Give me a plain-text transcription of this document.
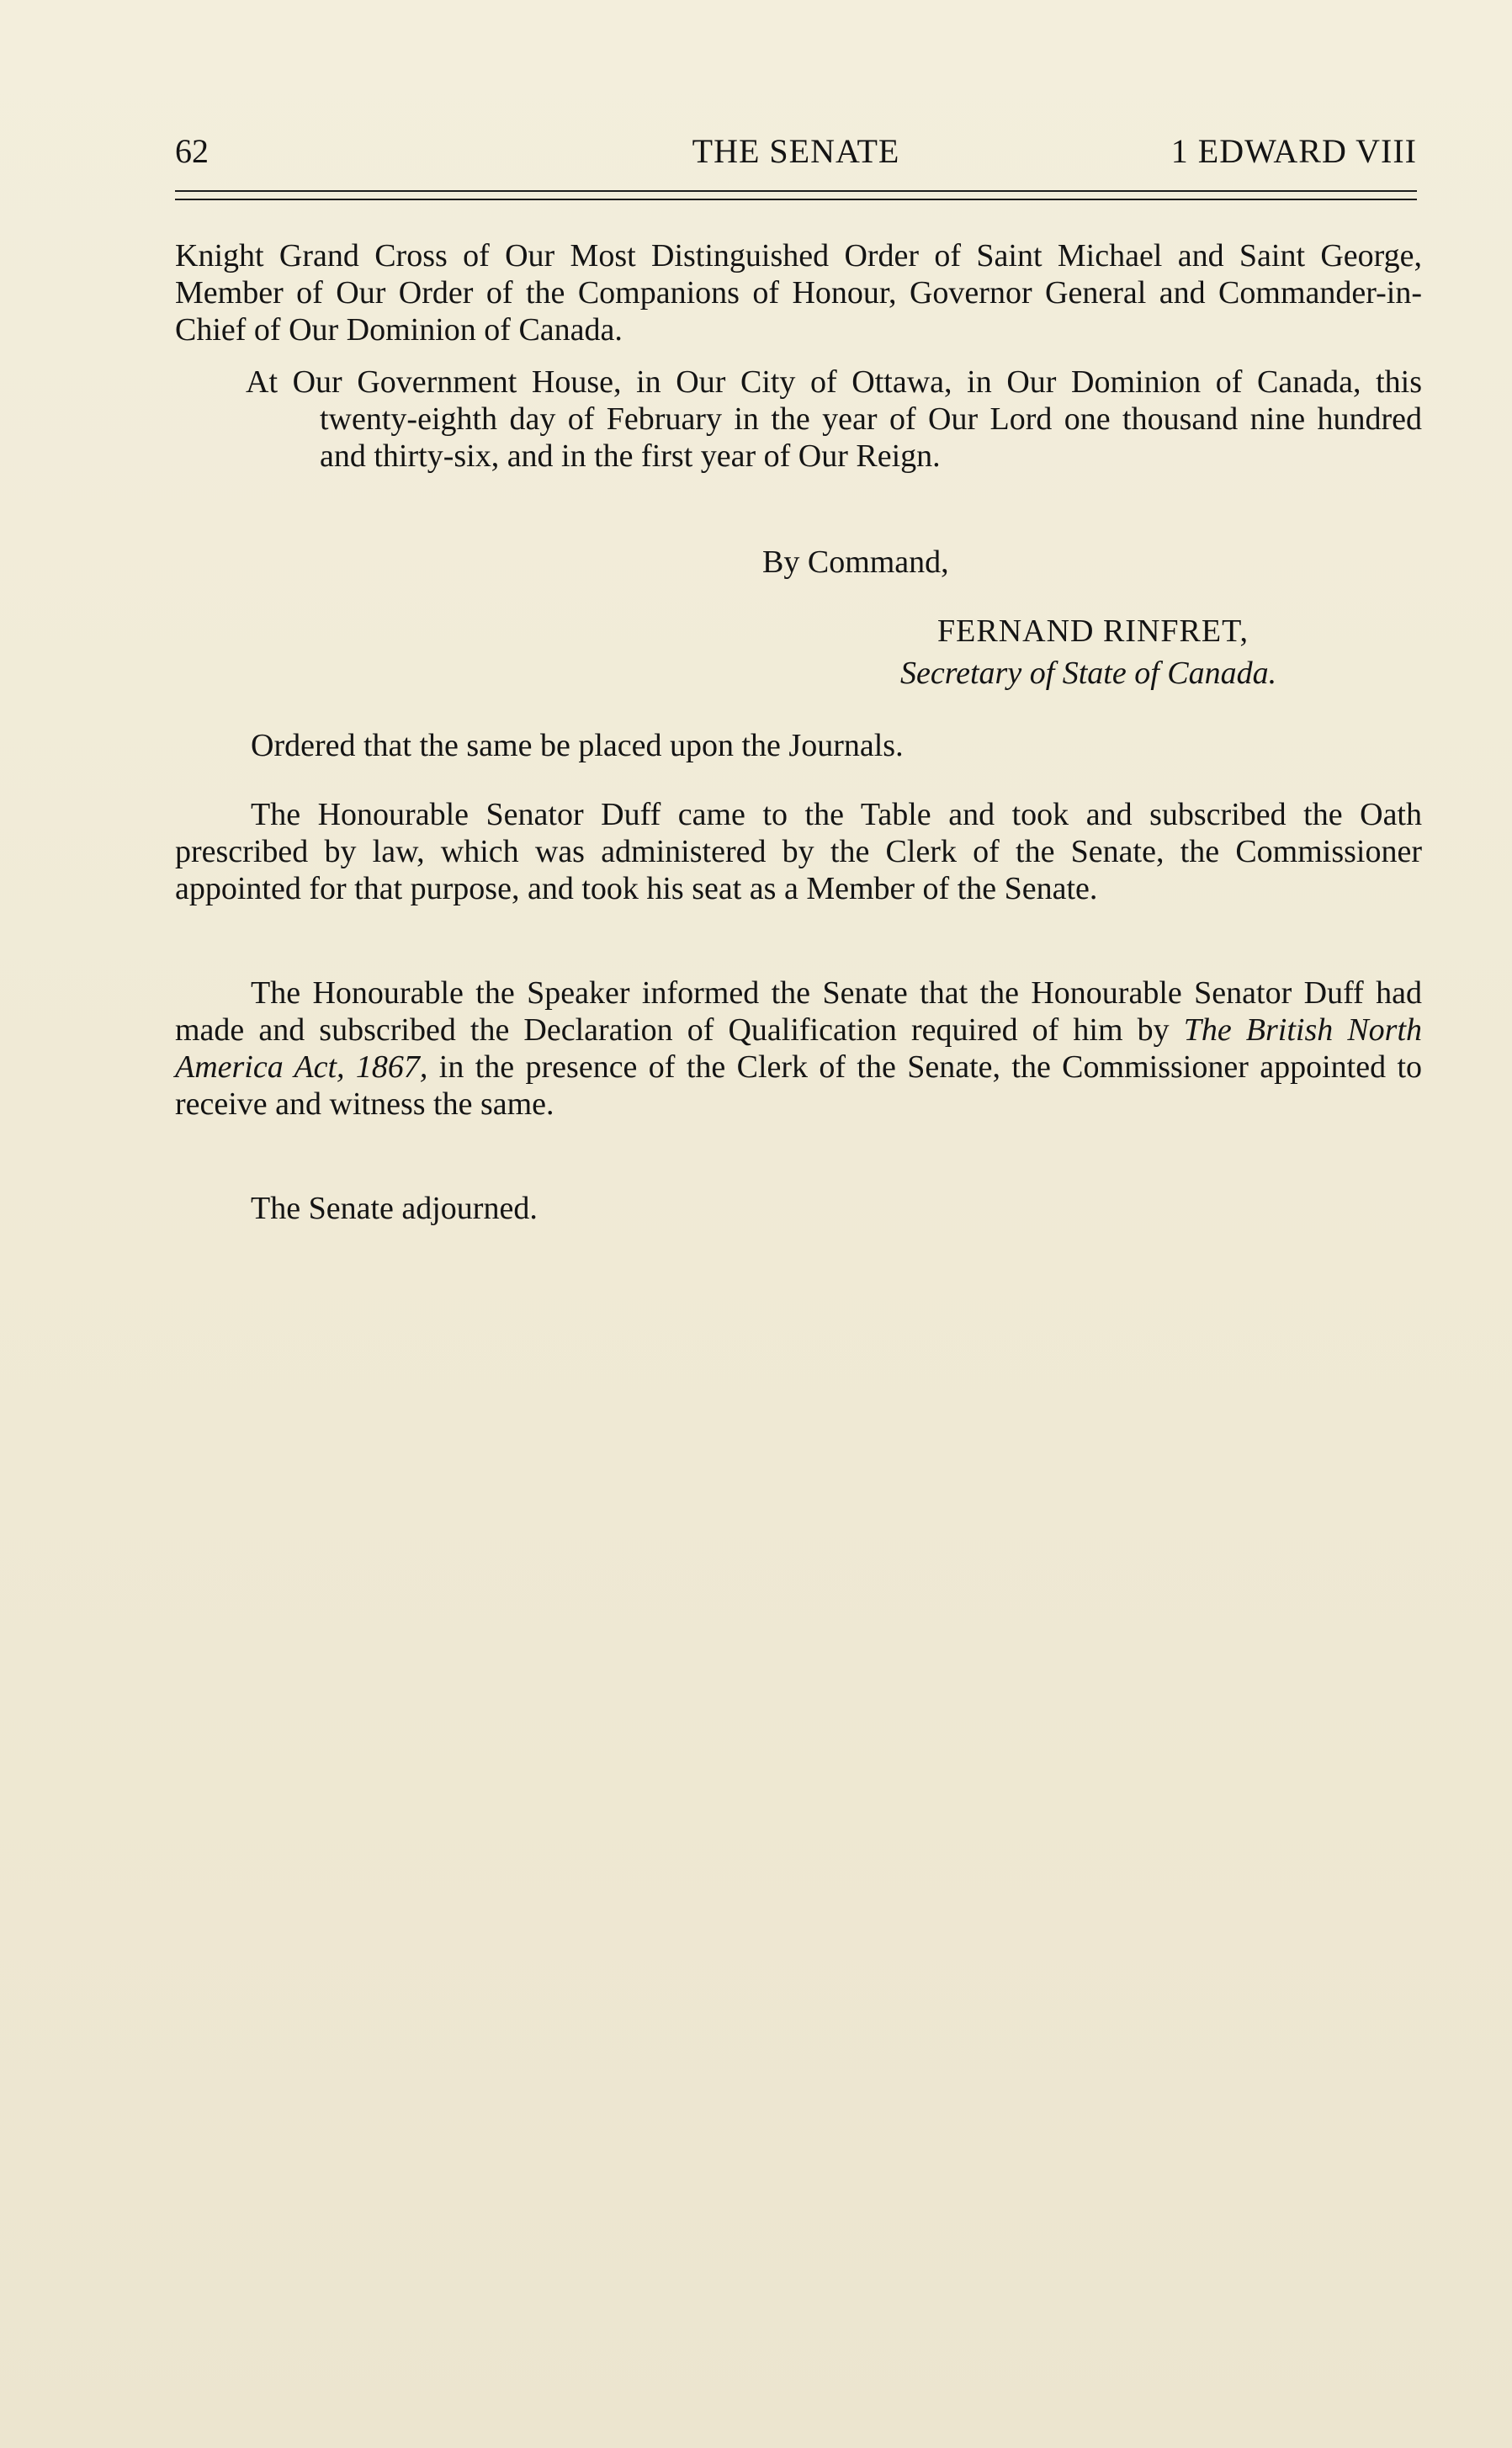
62	THE SENATE	1 EDWARD VIII

Knight Grand Cross of Our Most Distinguished Order of Saint Michael and Saint George, Member of Our Order of the Companions of Honour, Governor General and Commander-in-Chief of Our Dominion of Canada.

At Our Government House, in Our City of Ottawa, in Our Dominion of Canada, this twenty-eighth day of February in the year of Our Lord one thousand nine hundred and thirty-six, and in the first year of Our Reign.

By Command,
FERNAND RINFRET,
Secretary of State of Canada.

Ordered that the same be placed upon the Journals.

The Honourable Senator Duff came to the Table and took and subscribed the Oath prescribed by law, which was administered by the Clerk of the Senate, the Commissioner appointed for that purpose, and took his seat as a Member of the Senate.

The Honourable the Speaker informed the Senate that the Honourable Senator Duff had made and subscribed the Declaration of Qualification required of him by The British North America Act, 1867, in the presence of the Clerk of the Senate, the Commissioner appointed to receive and witness the same.

The Senate adjourned.
